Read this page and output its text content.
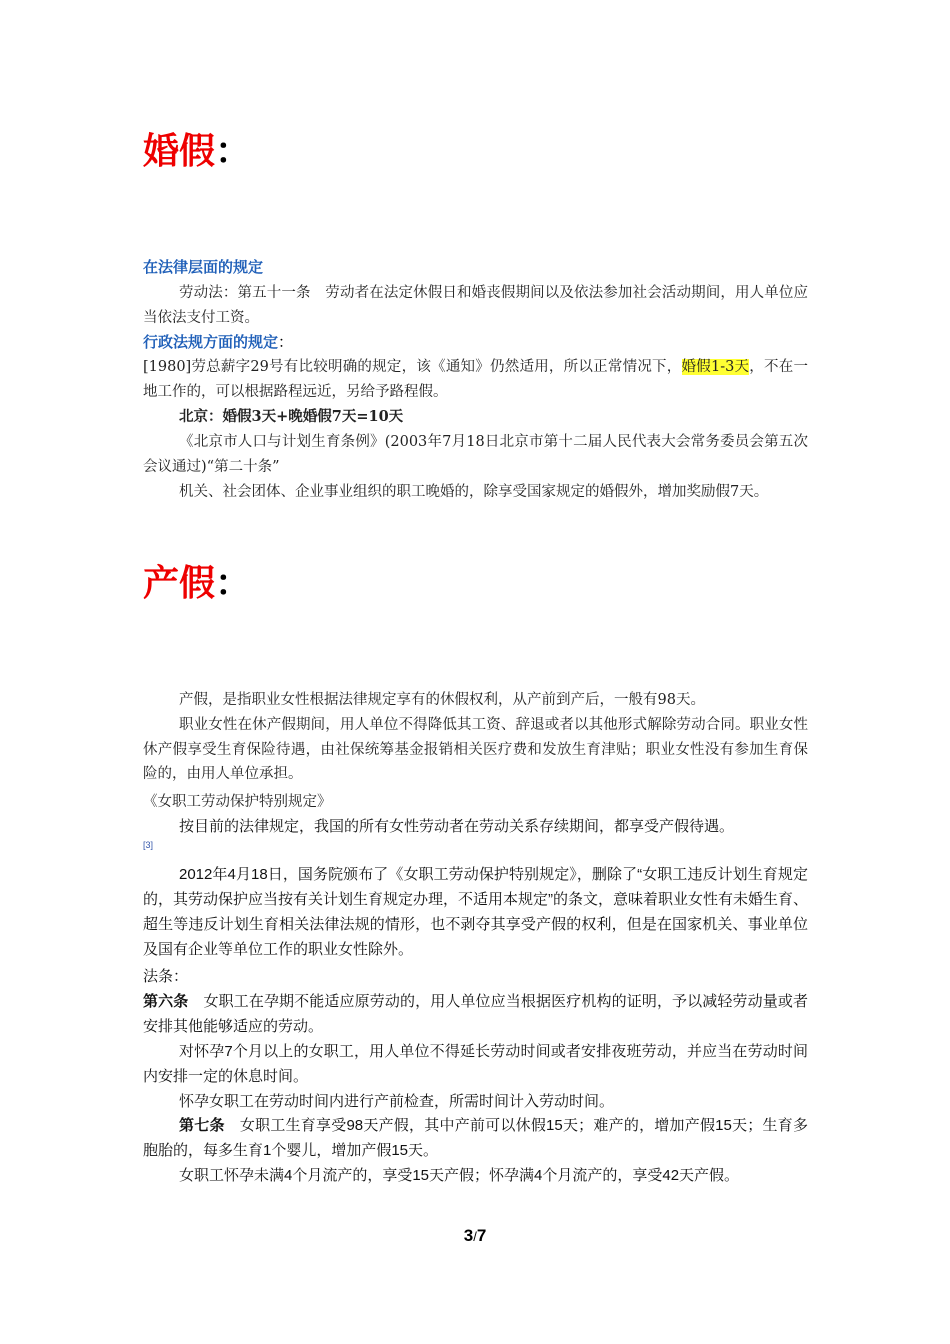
婚假：
在法律层面的规定

劳动法：第五十一条　劳动者在法定休假日和婚丧假期间以及依法参加社会活动期间，用人单位应当依法支付工资。

行政法规方面的规定：

[1980]劳总薪字29号有比较明确的规定，该《通知》仍然适用，所以正常情况下，婚假1-3天，不在一地工作的，可以根据路程远近，另给予路程假。

北京：婚假3天+晚婚假7天=10天

《北京市人口与计划生育条例》(2003年7月18日北京市第十二届人民代表大会常务委员会第五次会议通过)“第二十条”

机关、社会团体、企业事业组织的职工晚婚的，除享受国家规定的婚假外，增加奖励假7天。

产假：

产假，是指职业女性根据法律规定享有的休假权利，从产前到产后，一般有98天。

职业女性在休产假期间，用人单位不得降低其工资、辞退或者以其他形式解除劳动合同。职业女性休产假享受生育保险待遇，由社保统筹基金报销相关医疗费和发放生育津贴；职业女性没有参加生育保险的，由用人单位承担。

《女职工劳动保护特别规定》

按目前的法律规定，我国的所有女性劳动者在劳动关系存续期间，都享受产假待遇。

[3]

2012年4月18日，国务院颁布了《女职工劳动保护特别规定》，删除了“女职工违反计划生育规定的，其劳动保护应当按有关计划生育规定办理，不适用本规定”的条文，意味着职业女性有未婚生育、超生等违反计划生育相关法律法规的情形，也不剥夺其享受产假的权利，但是在国家机关、事业单位及国有企业等单位工作的职业女性除外。

法条：

第六条　女职工在孕期不能适应原劳动的，用人单位应当根据医疗机构的证明，予以减轻劳动量或者安排其他能够适应的劳动。

对怀孕7个月以上的女职工，用人单位不得延长劳动时间或者安排夜班劳动，并应当在劳动时间内安排一定的休息时间。

怀孕女职工在劳动时间内进行产前检查，所需时间计入劳动时间。

第七条　女职工生育享受98天产假，其中产前可以休假15天；难产的，增加产假15天；生育多胞胎的，每多生育1个婴儿，增加产假15天。

女职工怀孕未满4个月流产的，享受15天产假；怀孕满4个月流产的，享受42天产假。

3/7
